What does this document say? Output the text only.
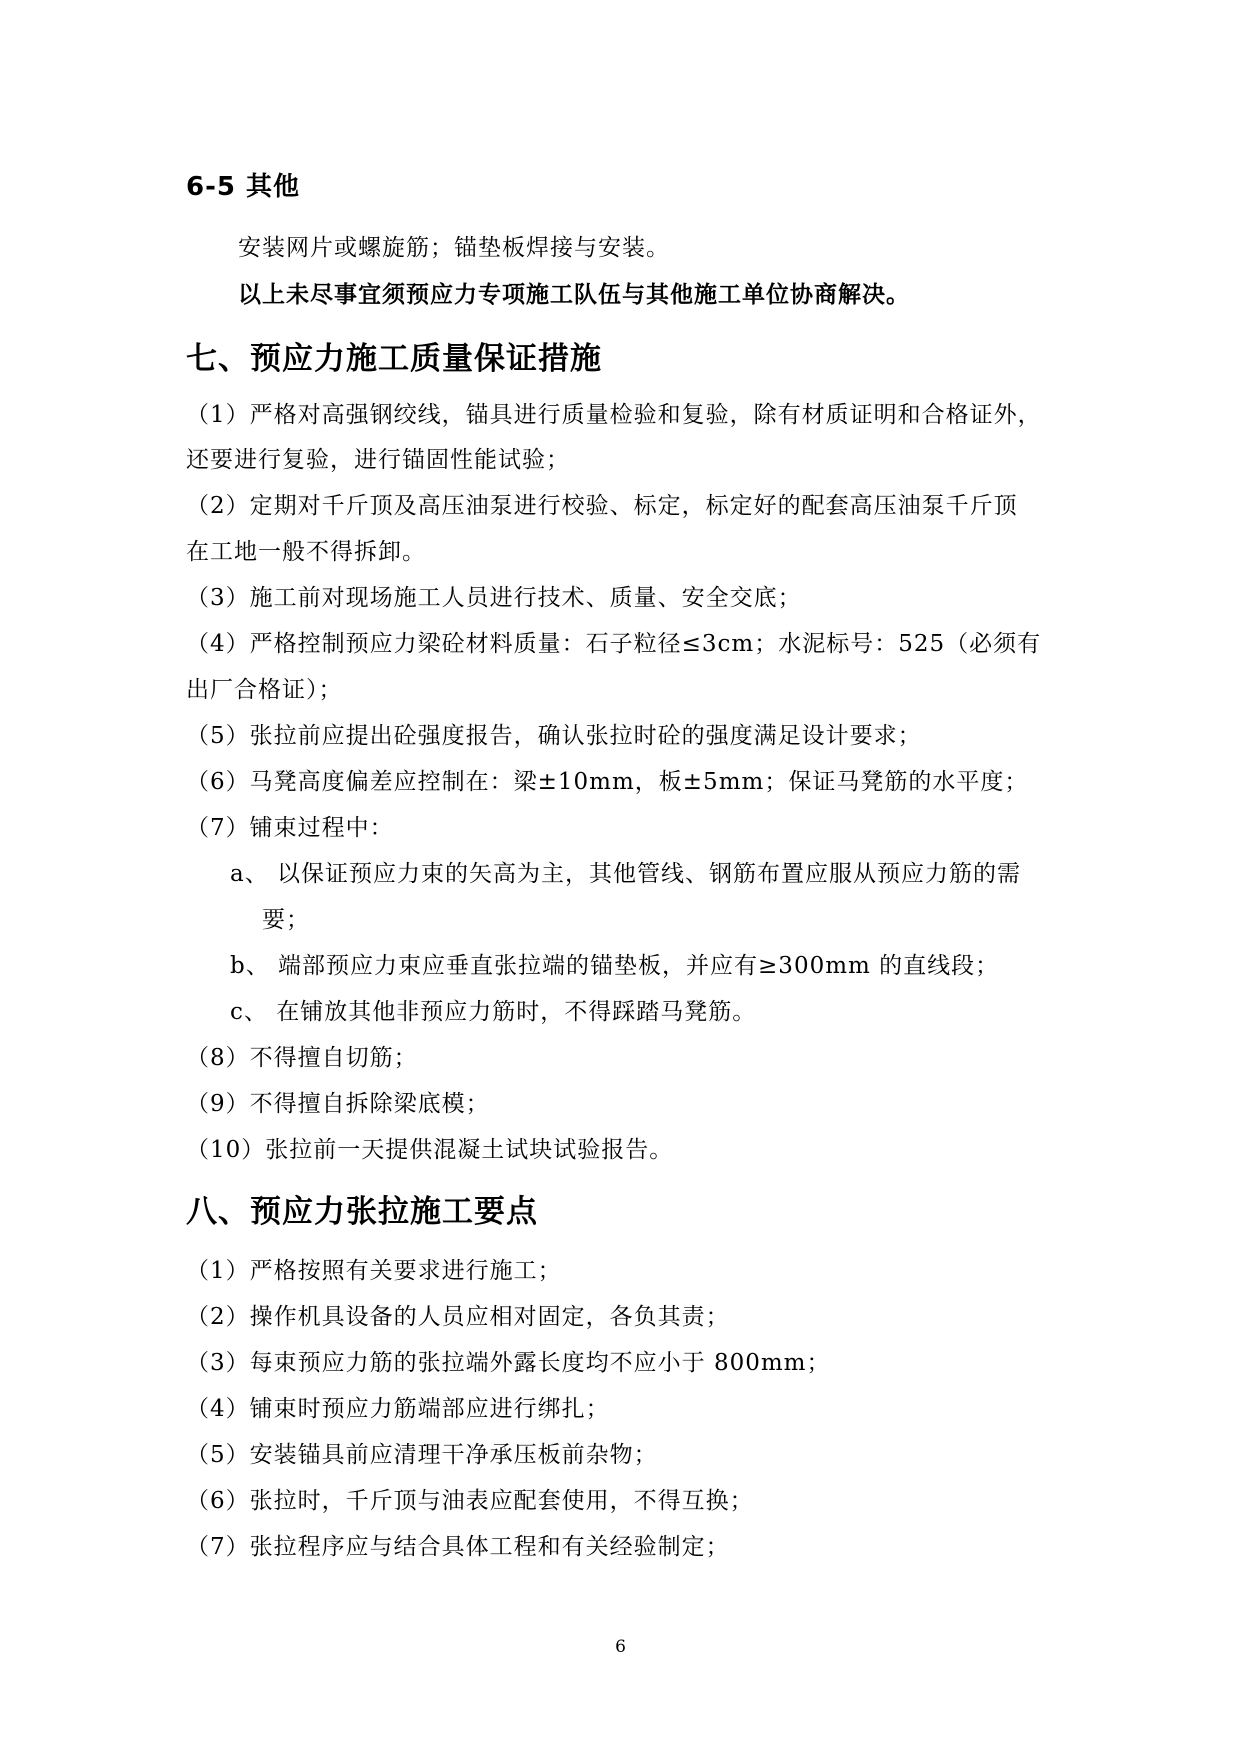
6-5 其他
安装网片或螺旋筋；锚垫板焊接与安装。
以上未尽事宜须预应力专项施工队伍与其他施工单位协商解决。
七、预应力施工质量保证措施
（1）严格对高强钢绞线，锚具进行质量检验和复验，除有材质证明和合格证外，
还要进行复验，进行锚固性能试验；
（2）定期对千斤顶及高压油泵进行校验、标定，标定好的配套高压油泵千斤顶
在工地一般不得拆卸。
（3）施工前对现场施工人员进行技术、质量、安全交底；
（4）严格控制预应力梁砼材料质量：石子粒径≤3cm；水泥标号：525（必须有
出厂合格证）；
（5）张拉前应提出砼强度报告，确认张拉时砼的强度满足设计要求；
（6）马凳高度偏差应控制在：梁±10mm，板±5mm；保证马凳筋的水平度；
（7）铺束过程中：
a、 以保证预应力束的矢高为主，其他管线、钢筋布置应服从预应力筋的需
要；
b、 端部预应力束应垂直张拉端的锚垫板，并应有≥300mm 的直线段；
c、 在铺放其他非预应力筋时，不得踩踏马凳筋。
（8）不得擅自切筋；
（9）不得擅自拆除梁底模；
（10）张拉前一天提供混凝土试块试验报告。
八、预应力张拉施工要点
（1）严格按照有关要求进行施工；
（2）操作机具设备的人员应相对固定，各负其责；
（3）每束预应力筋的张拉端外露长度均不应小于 800mm；
（4）铺束时预应力筋端部应进行绑扎；
（5）安装锚具前应清理干净承压板前杂物；
（6）张拉时，千斤顶与油表应配套使用，不得互换；
（7）张拉程序应与结合具体工程和有关经验制定；
6
